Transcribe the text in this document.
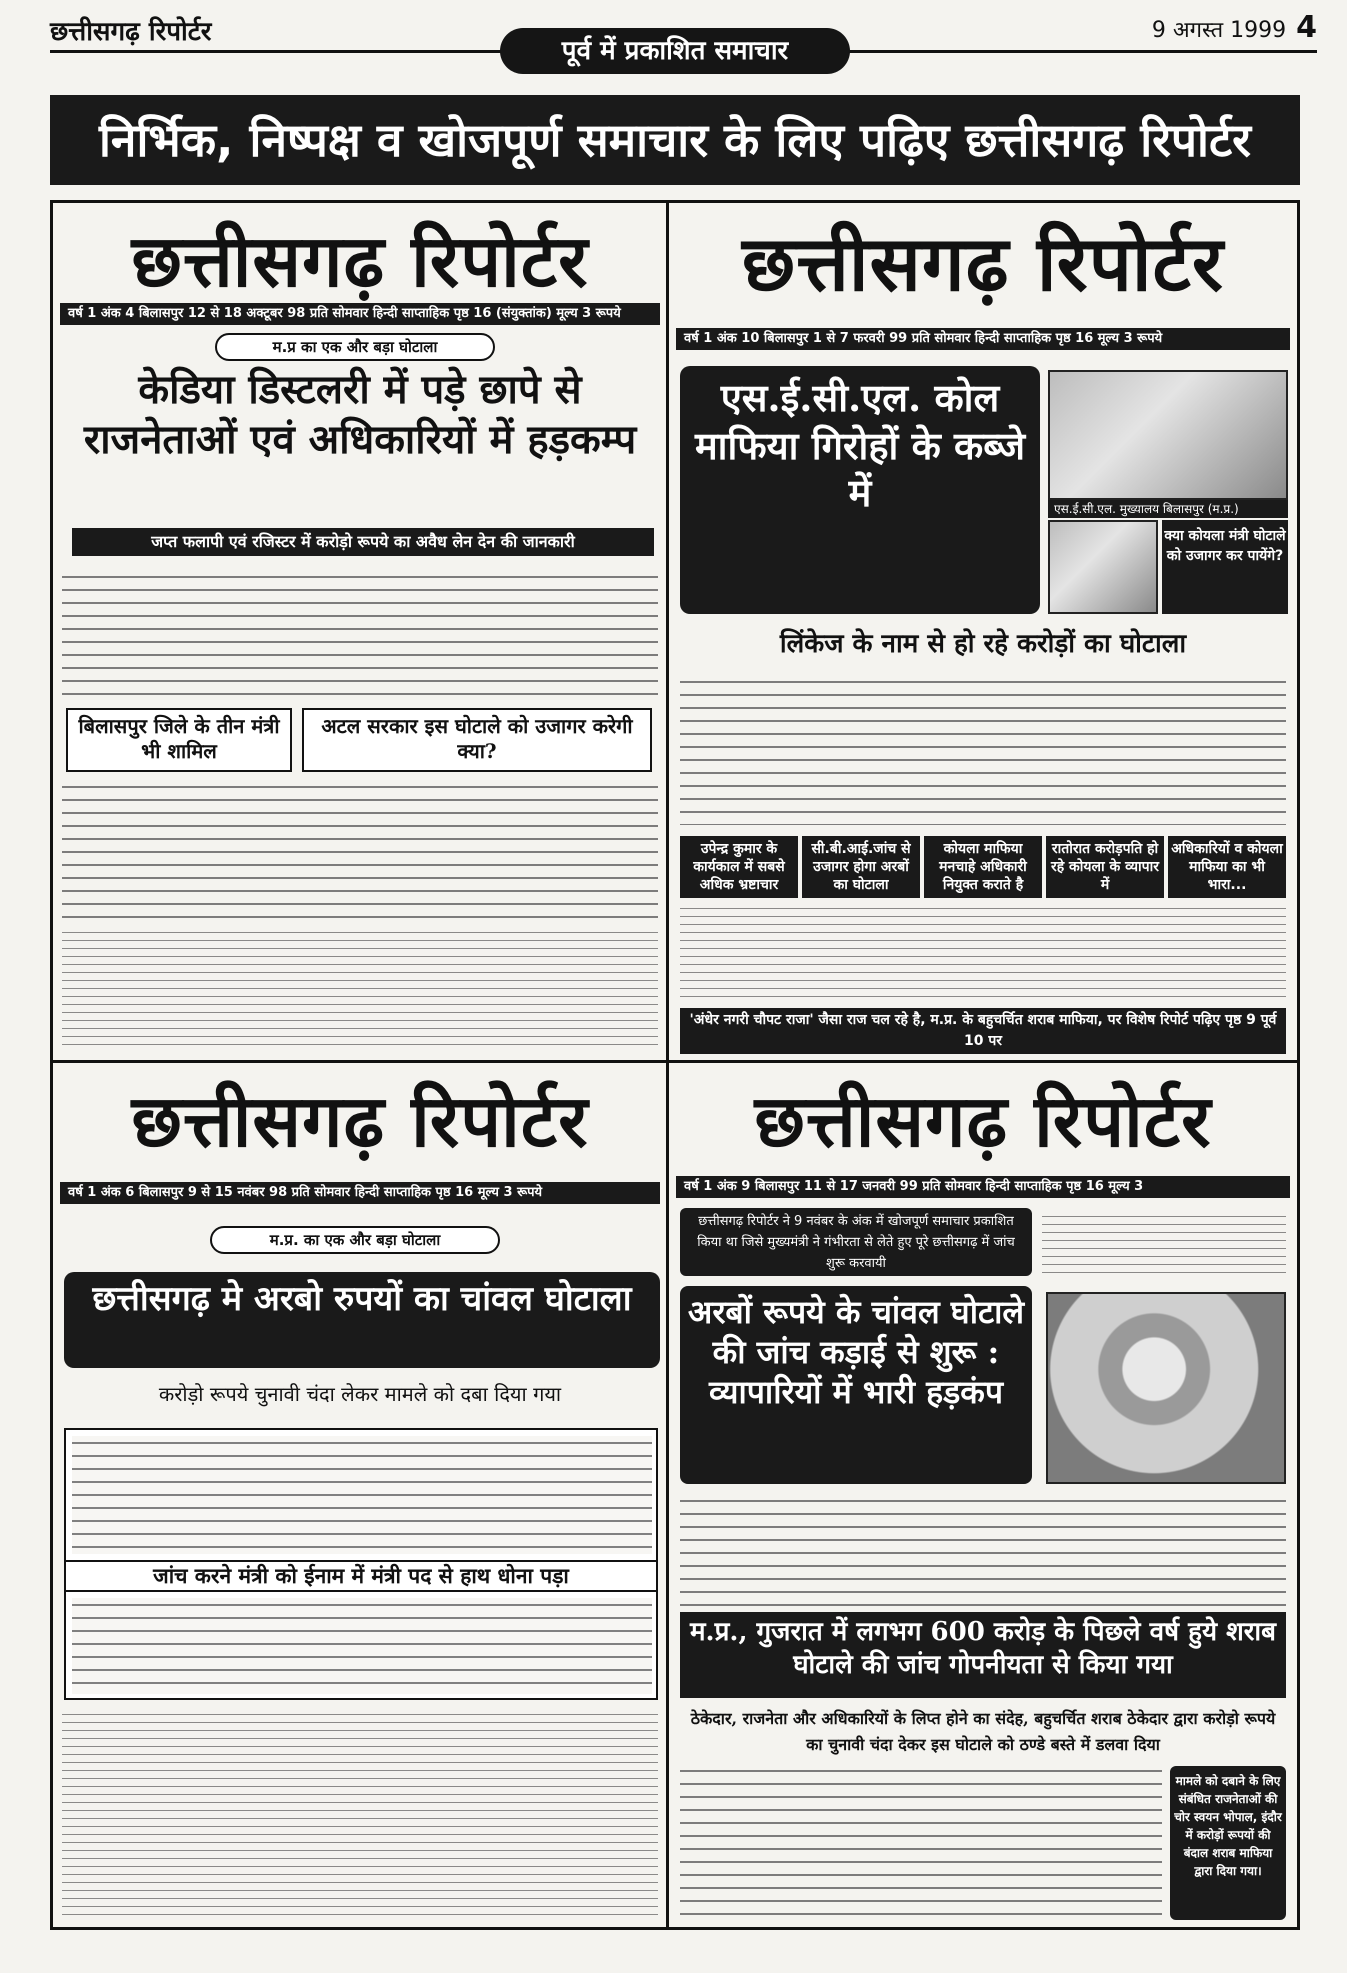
छत्तीसगढ़ रिपोर्टर	9 अगस्त 1999 4
पूर्व में प्रकाशित समाचार
निर्भिक, निष्पक्ष व खोजपूर्ण समाचार के लिए पढ़िए छत्तीसगढ़ रिपोर्टर
छत्तीसगढ़ रिपोर्टर
वर्ष 1 अंक 4 बिलासपुर 12 से 18 अक्टूबर 98 प्रति सोमवार हिन्दी साप्ताहिक पृष्ठ 16 (संयुक्तांक) मूल्य 3 रूपये
म.प्र का एक और बड़ा घोटाला
केडिया डिस्टलरी में पड़े छापे से राजनेताओं एवं अधिकारियों में हड़कम्प
जप्त फलापी एवं रजिस्टर में करोड़ो रूपये का अवैध लेन देन की जानकारी
बिलासपुर जिले के तीन मंत्री भी शामिल
अटल सरकार इस घोटाले को उजागर करेगी क्या?
छत्तीसगढ़ रिपोर्टर
वर्ष 1 अंक 10 बिलासपुर 1 से 7 फरवरी 99 प्रति सोमवार हिन्दी साप्ताहिक पृष्ठ 16 मूल्य 3 रूपये
एस.ई.सी.एल. कोल माफिया गिरोहों के कब्जे में	एस.ई.सी.एल. मुख्यालय बिलासपुर (म.प्र.)
क्या कोयला मंत्री घोटाले को उजागर कर पायेंगे?
लिंकेज के नाम से हो रहे करोड़ों का घोटाला
उपेन्द्र कुमार के कार्यकाल में सबसे अधिक भ्रष्टाचार
सी.बी.आई.जांच से उजागर होगा अरबों का घोटाला
कोयला माफिया मनचाहे अधिकारी नियुक्त कराते है
रातोरात करोड़पति हो रहे कोयला के व्यापार में
अधिकारियों व कोयला माफिया का भी भारा...
'अंधेर नगरी चौपट राजा' जैसा राज चल रहे है, म.प्र. के बहुचर्चित शराब माफिया, पर विशेष रिपोर्ट पढ़िए पृष्ठ 9 पूर्व 10 पर
छत्तीसगढ़ रिपोर्टर
वर्ष 1 अंक 6 बिलासपुर 9 से 15 नवंबर 98 प्रति सोमवार हिन्दी साप्ताहिक पृष्ठ 16 मूल्य 3 रूपये
म.प्र. का एक और बड़ा घोटाला
छत्तीसगढ़ मे अरबो रुपयों का चांवल घोटाला
करोड़ो रूपये चुनावी चंदा लेकर मामले को दबा दिया गया
जांच करने मंत्री को ईनाम में मंत्री पद से हाथ धोना पड़ा
छत्तीसगढ़ रिपोर्टर
वर्ष 1 अंक 9 बिलासपुर 11 से 17 जनवरी 99 प्रति सोमवार हिन्दी साप्ताहिक पृष्ठ 16 मूल्य 3
छत्तीसगढ़ रिपोर्टर ने 9 नवंबर के अंक में खोजपूर्ण समाचार प्रकाशित किया था जिसे मुख्यमंत्री ने गंभीरता से लेते हुए पूरे छत्तीसगढ़ में जांच शुरू करवायी
अरबों रूपये के चांवल घोटाले की जांच कड़ाई से शुरू : व्यापारियों में भारी हड़कंप
म.प्र., गुजरात में लगभग 600 करोड़ के पिछले वर्ष हुये शराब घोटाले की जांच गोपनीयता से किया गया
ठेकेदार, राजनेता और अधिकारियों के लिप्त होने का संदेह, बहुचर्चित शराब ठेकेदार द्वारा करोड़ो रूपये का चुनावी चंदा देकर इस घोटाले को ठण्डे बस्ते में डलवा दिया
मामले को दबाने के लिए संबंधित राजनेताओं की चोर स्वयन भोपाल, इंदौर में करोड़ों रूपयों की बंदाल शराब माफिया द्वारा दिया गया।
